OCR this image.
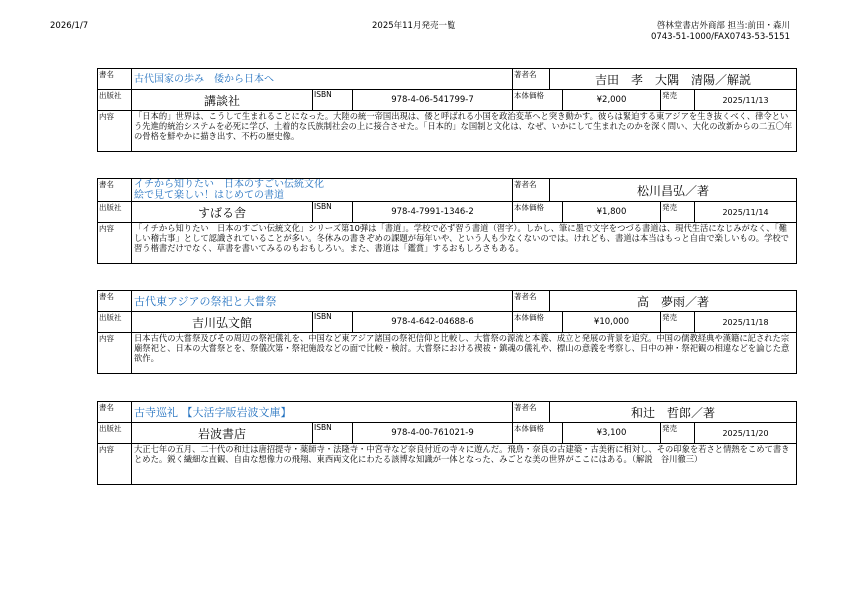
2026/1/7	2025年11月発売一覧	啓林堂書店外商部 担当:前田・森川
0743-51-1000/FAX0743-53-5151
書名	古代国家の歩み　倭から日本へ	著者名	吉田　孝　大隅　清陽／解説
出版社	講談社	ISBN	978-4-06-541799-7	本体価格	¥2,000	発売	2025/11/13
内容	「日本的」世界は、こうして生まれることになった。大陸の統一帝国出現は、倭と呼ばれる小国を政治変革へと突き動かす。彼らは緊迫する東アジアを生き抜くべく、律令という先進的統治システムを必死に学び、土着的な氏族制社会の上に接合させた。「日本的」な国制と文化は、なぜ、いかにして生まれたのかを深く問い、大化の改新からの二五〇年の骨格を鮮やかに描き出す、不朽の歴史像。						
書名	イチから知りたい　日本のすごい伝統文化
絵で見て楽しい！はじめての書道	著者名	松川昌弘／著
出版社	すばる舎	ISBN	978-4-7991-1346-2	本体価格	¥1,800	発売	2025/11/14
内容	「イチから知りたい　日本のすごい伝統文化」シリーズ第10弾は「書道」。学校で必ず習う書道（習字）。しかし、筆に墨で文字をつづる書道は、現代生活になじみがなく、「難しい稽古事」として認識されていることが多い。冬休みの書きぞめの課題が毎年いや、という人も少なくないのでは。けれども、書道は本当はもっと自由で楽しいもの。学校で習う楷書だけでなく、草書を書いてみるのもおもしろい。また、書道は「鑑賞」するおもしろさもある。						
書名	古代東アジアの祭祀と大嘗祭	著者名	高　夢雨／著
出版社	吉川弘文館	ISBN	978-4-642-04688-6	本体価格	¥10,000	発売	2025/11/18
内容	日本古代の大嘗祭及びその周辺の祭祀儀礼を、中国など東アジア諸国の祭祀信仰と比較し、大嘗祭の源流と本義、成立と発展の背景を追究。中国の儒教経典や漢籍に記された宗廟祭祀と、日本の大嘗祭とを、祭儀次第・祭祀施設などの面で比較・検討。大嘗祭における禊祓・鎮魂の儀礼や、標山の意義を考察し、日中の神・祭祀観の相違などを論じた意欲作。						
書名	古寺巡礼 【大活字版岩波文庫】	著者名	和辻　哲郎／著
出版社	岩波書店	ISBN	978-4-00-761021-9	本体価格	¥3,100	発売	2025/11/20
内容	大正七年の五月、二十代の和辻は唐招提寺・薬師寺・法隆寺・中宮寺など奈良付近の寺々に遊んだ。飛鳥・奈良の古建築・古美術に相対し、その印象を若さと情熱をこめて書きとめた。鋭く繊細な直観、自由な想像力の飛翔、東西両文化にわたる該博な知識が一体となった、みごとな美の世界がここにはある。（解説　谷川徹三）						
